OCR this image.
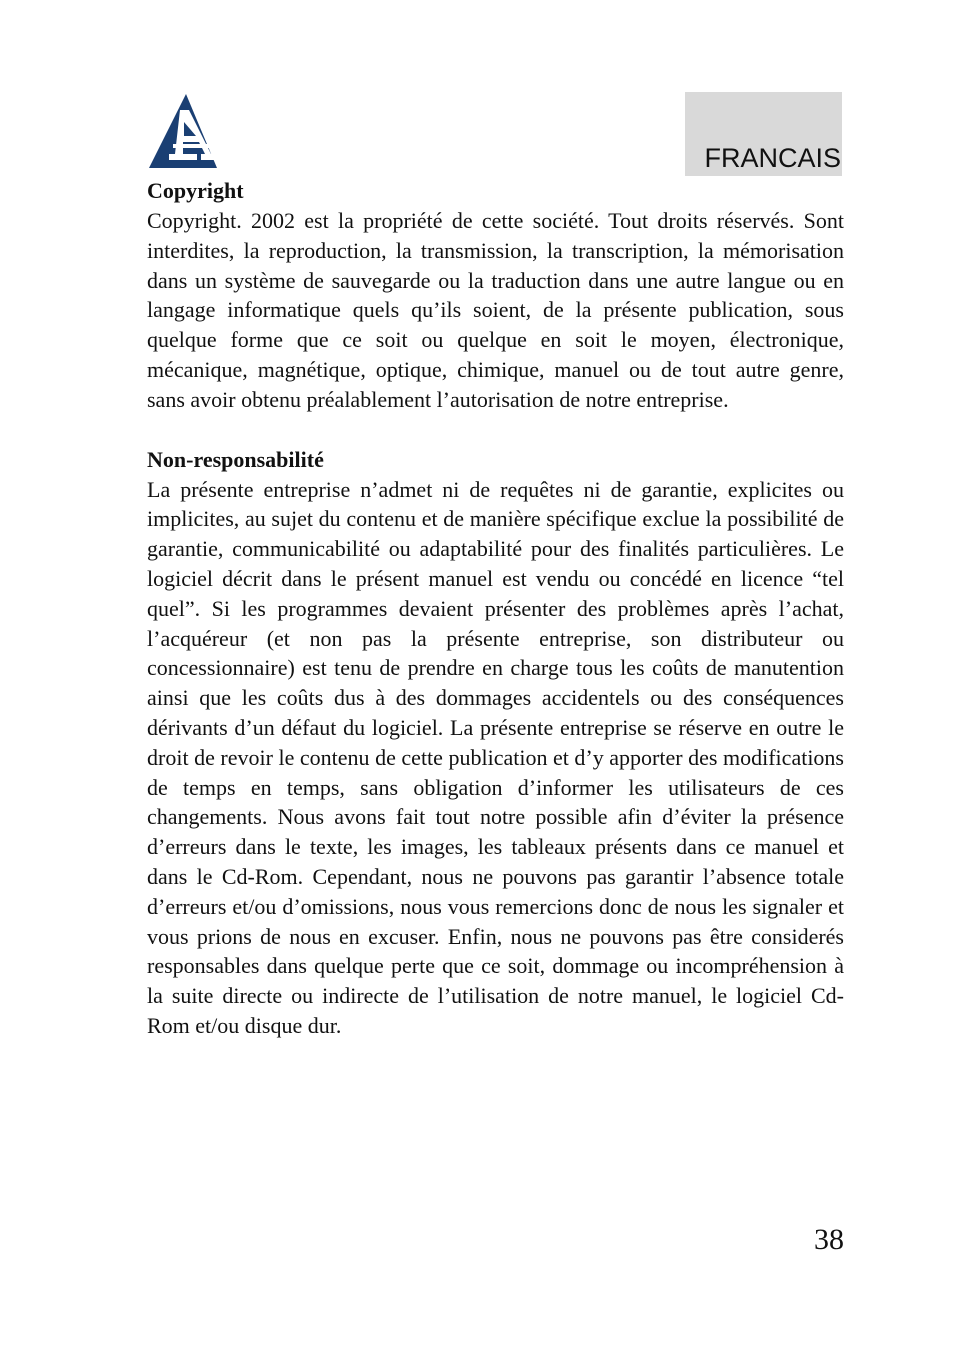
FRANCAIS

Copyright

Copyright. 2002 est la propriété de cette société. Tout droits réservés. Sont interdites, la reproduction, la transmission, la transcription, la mémorisation dans un système de sauvegarde ou la traduction dans une autre langue ou en langage informatique quels qu’ils soient, de la présente publication, sous quelque forme que ce soit ou quelque en soit le moyen, électronique, mécanique, magnétique, optique, chimique, manuel ou de tout autre genre, sans avoir obtenu préalablement l’autorisation de notre entreprise.

Non-responsabilité

La présente entreprise n’admet ni de requêtes ni de garantie, explicites ou implicites, au sujet du contenu et de manière spécifique exclue la possibilité de garantie, communicabilité ou adaptabilité pour des finalités particulières. Le logiciel décrit dans le présent manuel est vendu ou concédé en licence “tel quel”. Si les programmes devaient présenter des problèmes après l’achat, l’acquéreur (et non pas la présente entreprise, son distributeur ou concessionnaire) est tenu de prendre en charge tous les coûts de manutention ainsi que les coûts dus à des dommages accidentels ou des conséquences dérivants d’un défaut du logiciel. La présente entreprise se réserve en outre le droit de revoir le contenu de cette publication et d’y apporter des modifications de temps en temps, sans obligation d’informer les utilisateurs de ces changements. Nous avons fait tout notre possible afin d’éviter la présence d’erreurs dans le texte, les images, les tableaux présents dans ce manuel et dans le Cd-Rom. Cependant, nous ne pouvons pas garantir l’absence totale d’erreurs et/ou d’omissions, nous vous remercions donc de nous les signaler et vous prions de nous en excuser. Enfin, nous ne pouvons pas être considerés responsables dans quelque perte que ce soit, dommage ou incompréhension à la suite directe ou indirecte de l’utilisation de notre manuel, le logiciel Cd-Rom et/ou disque dur.

38
